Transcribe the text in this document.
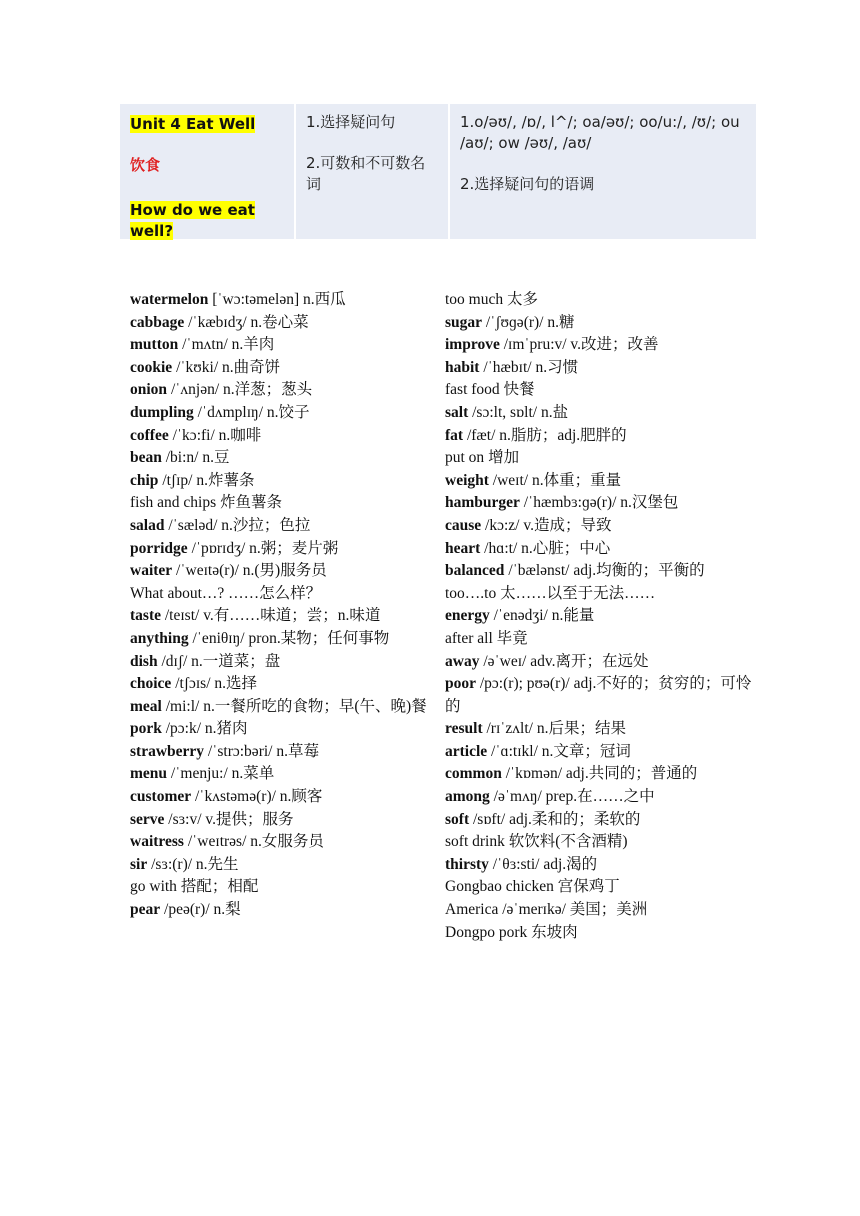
Unit 4 Eat Well

饮食

How do we eat well?

1.选择疑问句

2.可数和不可数名词

1.o/əʊ/, /ɒ/, l^/; oa/əʊ/; oo/u:/, /ʊ/; ou /aʊ/; ow /əʊ/, /aʊ/

2.选择疑问句的语调

watermelon [ˈwɔ:təmelən] n.西瓜
cabbage /ˈkæbɪdʒ/ n.卷心菜
mutton /ˈmʌtn/ n.羊肉
cookie /ˈkʊki/ n.曲奇饼
onion /ˈʌnjən/ n.洋葱；葱头
dumpling /ˈdʌmplɪŋ/ n.饺子
coffee /ˈkɔ:fi/ n.咖啡
bean /bi:n/ n.豆
chip /tʃɪp/ n.炸薯条
fish and chips 炸鱼薯条
salad /ˈsæləd/ n.沙拉；色拉
porridge /ˈpɒrɪdʒ/ n.粥；麦片粥
waiter /ˈweɪtə(r)/ n.(男)服务员
What about…? ……怎么样？
taste /teɪst/ v.有……味道；尝；n.味道
anything /ˈeniθɪŋ/ pron.某物；任何事物
dish /dɪʃ/ n.一道菜；盘
choice /tʃɔɪs/ n.选择
meal /mi:l/ n.一餐所吃的食物；早(午、晚)餐
pork /pɔ:k/ n.猪肉
strawberry /ˈstrɔ:bəri/ n.草莓
menu /ˈmenju:/ n.菜单
customer /ˈkʌstəmə(r)/ n.顾客
serve /sɜ:v/ v.提供；服务
waitress /ˈweɪtrəs/ n.女服务员
sir /sɜ:(r)/ n.先生
go with 搭配；相配
pear /peə(r)/ n.梨
too much 太多
sugar /ˈʃʊɡə(r)/ n.糖
improve /ɪmˈpru:v/ v.改进；改善
habit /ˈhæbɪt/ n.习惯
fast food 快餐
salt /sɔ:lt, sɒlt/ n.盐
fat /fæt/ n.脂肪；adj.肥胖的
put on 增加
weight /weɪt/ n.体重；重量
hamburger /ˈhæmbɜ:ɡə(r)/ n.汉堡包
cause /kɔ:z/ v.造成；导致
heart /hɑ:t/ n.心脏；中心
balanced /ˈbælənst/ adj.均衡的；平衡的
too….to 太……以至于无法……
energy /ˈenədʒi/ n.能量
after all 毕竟
away /əˈweɪ/ adv.离开；在远处
poor /pɔ:(r); pʊə(r)/ adj.不好的；贫穷的；可怜的
result /rɪˈzʌlt/ n.后果；结果
article /ˈɑ:tɪkl/ n.文章；冠词
common /ˈkɒmən/ adj.共同的；普通的
among /əˈmʌŋ/ prep.在……之中
soft /sɒft/ adj.柔和的；柔软的
soft drink 软饮料(不含酒精)
thirsty /ˈθɜ:sti/ adj.渴的
Gongbao chicken 宫保鸡丁
America /əˈmerɪkə/ 美国；美洲
Dongpo pork 东坡肉
